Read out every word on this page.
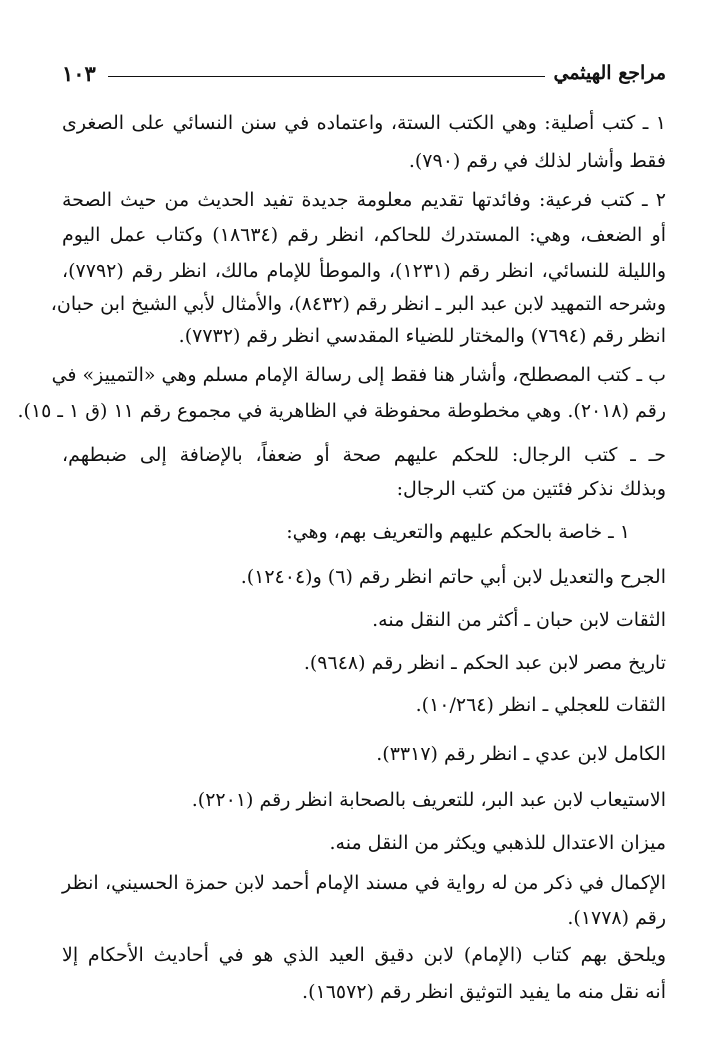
١٠٣	مراجع الهيثمي
١ ـ كتب أصلية: وهي الكتب الستة، واعتماده في سنن النسائي على الصغرى
فقط وأشار لذلك في رقم (٧٩٠).
٢ ـ كتب فرعية: وفائدتها تقديم معلومة جديدة تفيد الحديث من حيث الصحة
أو الضعف، وهي: المستدرك للحاكم، انظر رقم (١٨٦٣٤) وكتاب عمل اليوم
والليلة للنسائي، انظر رقم (١٢٣١)، والموطأ للإمام مالك، انظر رقم (٧٧٩٢)،
وشرحه التمهيد لابن عبد البر ـ انظر رقم (٨٤٣٢)، والأمثال لأبي الشيخ ابن حبان،
انظر رقم (٧٦٩٤) والمختار للضياء المقدسي انظر رقم (٧٧٣٢).
ب ـ كتب المصطلح، وأشار هنا فقط إلى رسالة الإمام مسلم وهي «التمييز» في
رقم (٢٠١٨). وهي مخطوطة محفوظة في الظاهرية في مجموع رقم ١١ (ق ١ ـ ١٥).
حـ ـ كتب الرجال: للحكم عليهم صحة أو ضعفاً، بالإضافة إلى ضبطهم،
وبذلك نذكر فئتين من كتب الرجال:
١ ـ خاصة بالحكم عليهم والتعريف بهم، وهي:
الجرح والتعديل لابن أبي حاتم انظر رقم (٦) و(١٢٤٠٤).
الثقات لابن حبان ـ أكثر من النقل منه.
تاريخ مصر لابن عبد الحكم ـ انظر رقم (٩٦٤٨).
الثقات للعجلي ـ انظر (١٠/٢٦٤).
الكامل لابن عدي ـ انظر رقم (٣٣١٧).
الاستيعاب لابن عبد البر، للتعريف بالصحابة انظر رقم (٢٢٠١).
ميزان الاعتدال للذهبي ويكثر من النقل منه.
الإكمال في ذكر من له رواية في مسند الإمام أحمد لابن حمزة الحسيني، انظر
رقم (١٧٧٨).
ويلحق بهم كتاب (الإمام) لابن دقيق العيد الذي هو في أحاديث الأحكام إلا
أنه نقل منه ما يفيد التوثيق انظر رقم (١٦٥٧٢).
